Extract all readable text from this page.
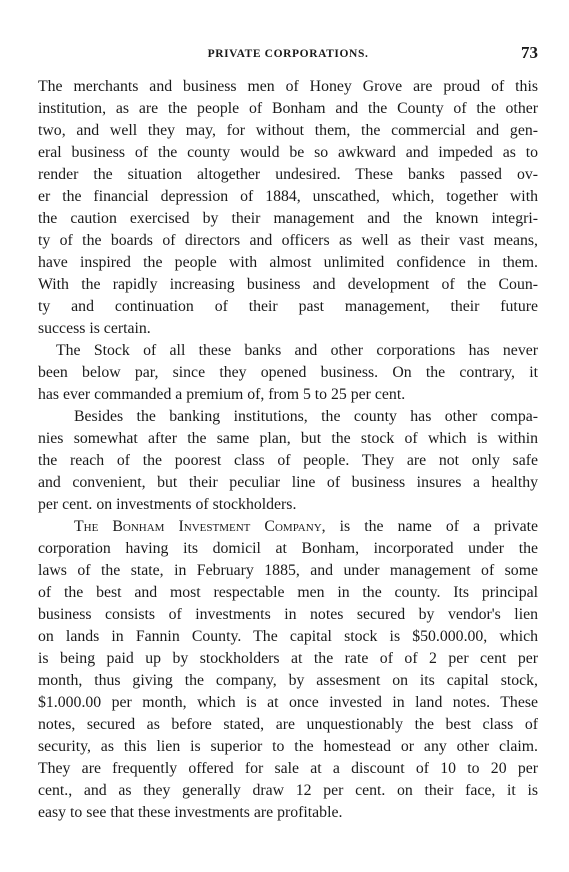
PRIVATE CORPORATIONS.	73
The merchants and business men of Honey Grove are proud of this
institution, as are the people of Bonham and the County of the other
two, and well they may, for without them, the commercial and gen-
eral business of the county would be so awkward and impeded as to
render the situation altogether undesired. These banks passed ov-
er the financial depression of 1884, unscathed, which, together with
the caution exercised by their management and the known integri-
ty of the boards of directors and officers as well as their vast means,
have inspired the people with almost unlimited confidence in them.
With the rapidly increasing business and development of the Coun-
ty and continuation of their past management, their future
success is certain.
The Stock of all these banks and other corporations has never
been below par, since they opened business. On the contrary, it
has ever commanded a premium of, from 5 to 25 per cent.
Besides the banking institutions, the county has other compa-
nies somewhat after the same plan, but the stock of which is within
the reach of the poorest class of people. They are not only safe
and convenient, but their peculiar line of business insures a healthy
per cent. on investments of stockholders.
The Bonham Investment Company, is the name of a private
corporation having its domicil at Bonham, incorporated under the
laws of the state, in February 1885, and under management of some
of the best and most respectable men in the county. Its principal
business consists of investments in notes secured by vendor's lien
on lands in Fannin County. The capital stock is $50.000.00, which
is being paid up by stockholders at the rate of of 2 per cent per
month, thus giving the company, by assesment on its capital stock,
$1.000.00 per month, which is at once invested in land notes. These
notes, secured as before stated, are unquestionably the best class of
security, as this lien is superior to the homestead or any other claim.
They are frequently offered for sale at a discount of 10 to 20 per
cent., and as they generally draw 12 per cent. on their face, it is
easy to see that these investments are profitable.
